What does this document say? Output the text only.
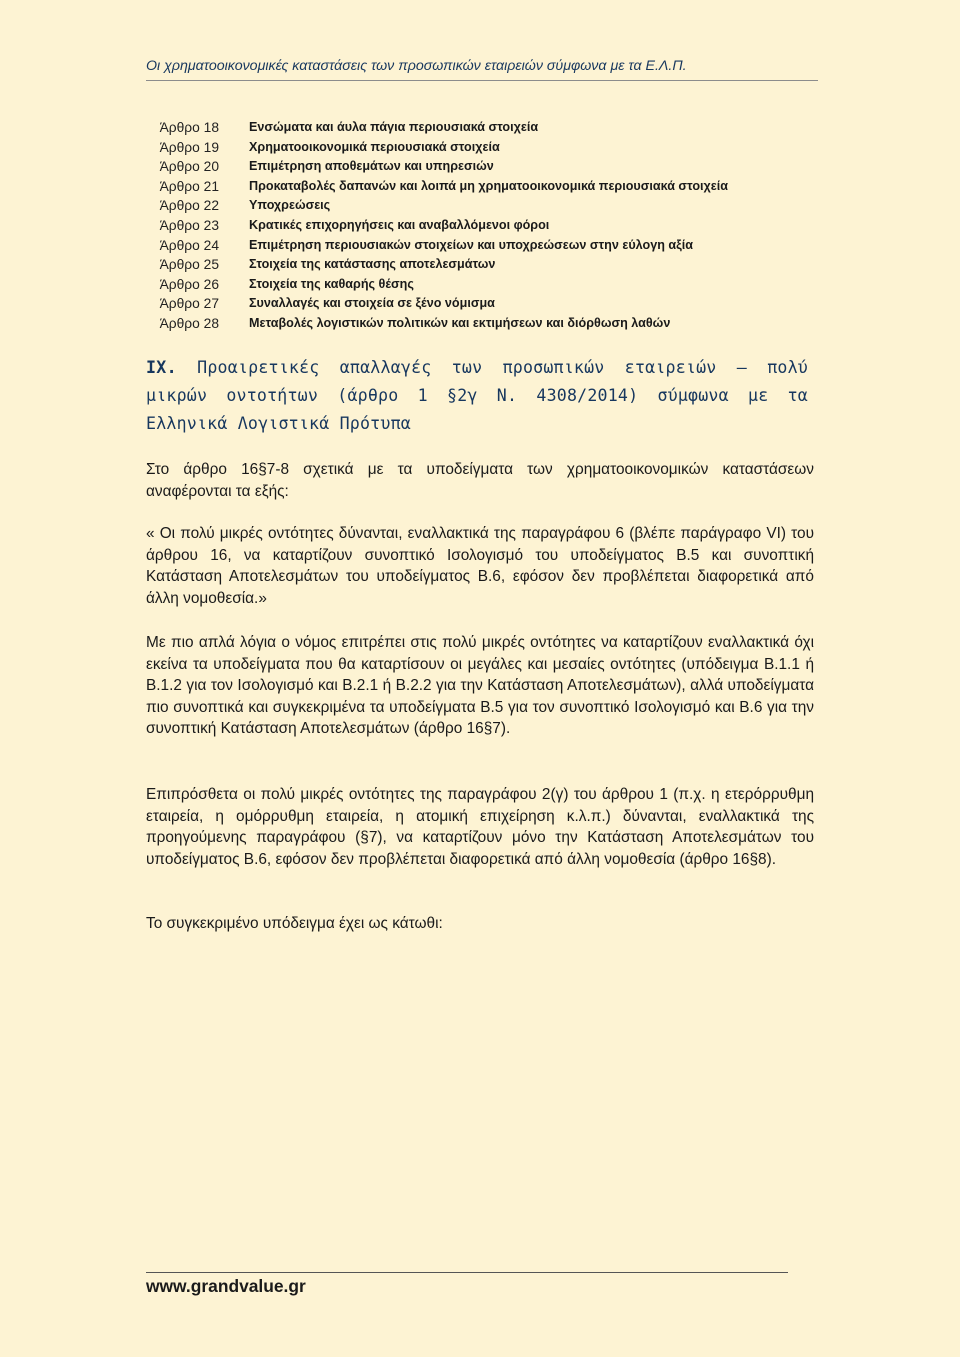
Οι χρηματοοικονομικές καταστάσεις των προσωπικών εταιρειών σύμφωνα με τα Ε.Λ.Π.
Άρθρο 18 Ενσώματα και άυλα πάγια περιουσιακά στοιχεία
Άρθρο 19 Χρηματοοικονομικά περιουσιακά στοιχεία
Άρθρο 20 Επιμέτρηση αποθεμάτων και υπηρεσιών
Άρθρο 21 Προκαταβολές δαπανών και λοιπά μη χρηματοοικονομικά περιουσιακά στοιχεία
Άρθρο 22 Υποχρεώσεις
Άρθρο 23 Κρατικές επιχορηγήσεις και αναβαλλόμενοι φόροι
Άρθρο 24 Επιμέτρηση περιουσιακών στοιχείων και υποχρεώσεων στην εύλογη αξία
Άρθρο 25 Στοιχεία της κατάστασης αποτελεσμάτων
Άρθρο 26 Στοιχεία της καθαρής θέσης
Άρθρο 27 Συναλλαγές και στοιχεία σε ξένο νόμισμα
Άρθρο 28 Μεταβολές λογιστικών πολιτικών και εκτιμήσεων και διόρθωση λαθών
ΙΧ. Προαιρετικές απαλλαγές των προσωπικών εταιρειών – πολύ μικρών οντοτήτων (άρθρο 1 §2γ Ν. 4308/2014) σύμφωνα με τα Ελληνικά Λογιστικά Πρότυπα

Στο άρθρο 16§7-8 σχετικά με τα υποδείγματα των χρηματοοικονομικών καταστάσεων αναφέρονται τα εξής:

« Οι πολύ μικρές οντότητες δύνανται, εναλλακτικά της παραγράφου 6 (βλέπε παράγραφο VI) του άρθρου 16, να καταρτίζουν συνοπτικό Ισολογισμό του υποδείγματος Β.5 και συνοπτική Κατάσταση Αποτελεσμάτων του υποδείγματος Β.6, εφόσον δεν προβλέπεται διαφορετικά από άλλη νομοθεσία.»

Με πιο απλά λόγια ο νόμος επιτρέπει στις πολύ μικρές οντότητες να καταρτίζουν εναλλακτικά όχι εκείνα τα υποδείγματα που θα καταρτίσουν οι μεγάλες και μεσαίες οντότητες (υπόδειγμα Β.1.1 ή Β.1.2 για τον Ισολογισμό και Β.2.1 ή Β.2.2 για την Κατάσταση Αποτελεσμάτων), αλλά υποδείγματα πιο συνοπτικά και συγκεκριμένα τα υποδείγματα Β.5 για τον συνοπτικό Ισολογισμό και Β.6 για την συνοπτική Κατάσταση Αποτελεσμάτων (άρθρο 16§7).

Επιπρόσθετα οι πολύ μικρές οντότητες της παραγράφου 2(γ) του άρθρου 1 (π.χ. η ετερόρρυθμη εταιρεία, η ομόρρυθμη εταιρεία, η ατομική επιχείρηση κ.λ.π.) δύνανται, εναλλακτικά της προηγούμενης παραγράφου (§7), να καταρτίζουν μόνο την Κατάσταση Αποτελεσμάτων του υποδείγματος Β.6, εφόσον δεν προβλέπεται διαφορετικά από άλλη νομοθεσία (άρθρο 16§8).

Το συγκεκριμένο υπόδειγμα έχει ως κάτωθι:

www.grandvalue.gr
